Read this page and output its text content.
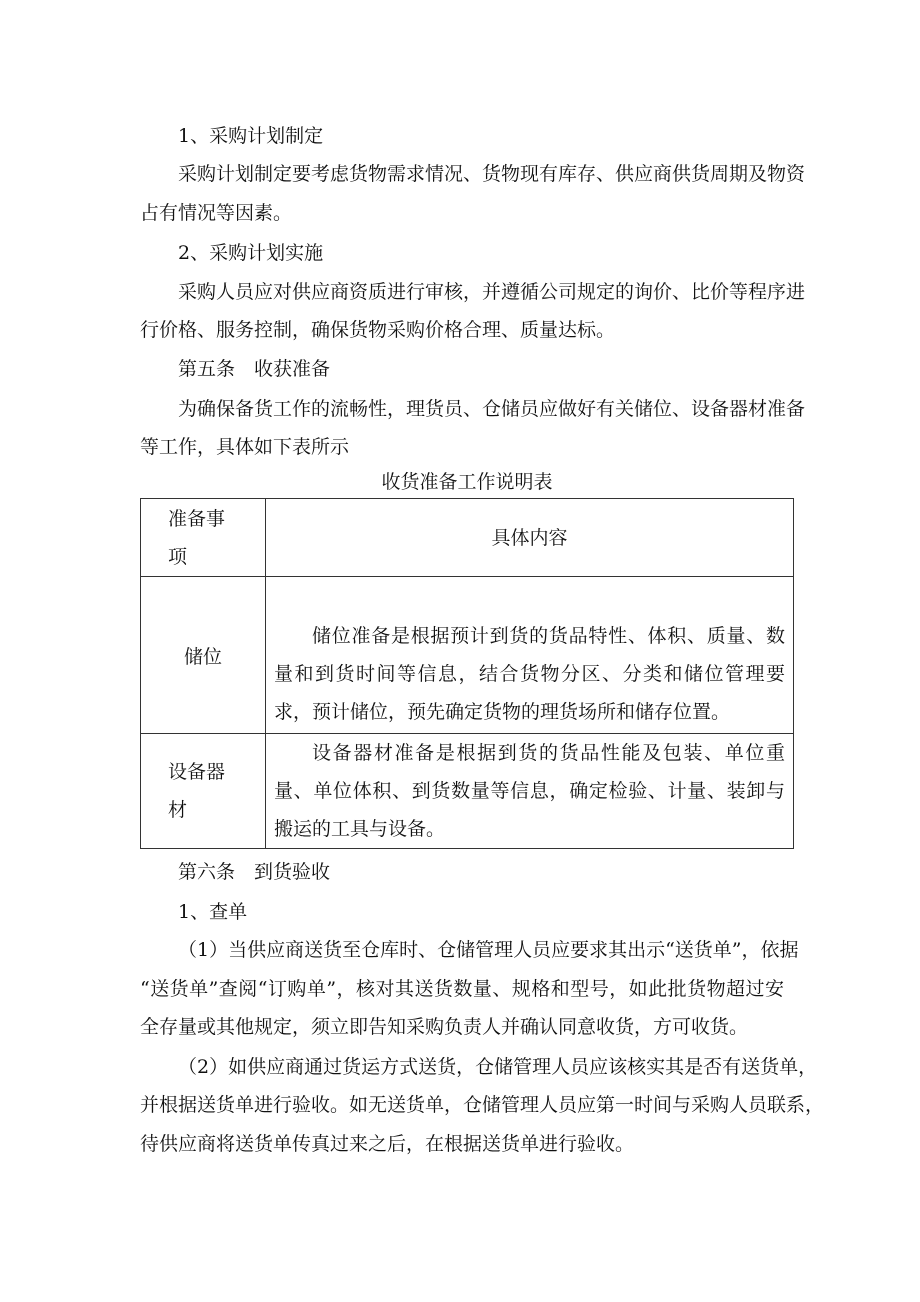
1、采购计划制定
采购计划制定要考虑货物需求情况、货物现有库存、供应商供货周期及物资
占有情况等因素。
2、采购计划实施
采购人员应对供应商资质进行审核，并遵循公司规定的询价、比价等程序进
行价格、服务控制，确保货物采购价格合理、质量达标。
第五条　收获准备
为确保备货工作的流畅性，理货员、仓储员应做好有关储位、设备器材准备
等工作，具体如下表所示
收货准备工作说明表
准备事项	具体内容
储位	储位准备是根据预计到货的货品特性、体积、质量、数量和到货时间等信息，结合货物分区、分类和储位管理要求，预计储位，预先确定货物的理货场所和储存位置。

设备器材	设备器材准备是根据到货的货品性能及包装、单位重量、单位体积、到货数量等信息，确定检验、计量、装卸与搬运的工具与设备。
第六条　到货验收
1、查单
（1）当供应商送货至仓库时、仓储管理人员应要求其出示“送货单”，依据
“送货单”查阅“订购单”，核对其送货数量、规格和型号，如此批货物超过安
全存量或其他规定，须立即告知采购负责人并确认同意收货，方可收货。
（2）如供应商通过货运方式送货，仓储管理人员应该核实其是否有送货单，
并根据送货单进行验收。如无送货单，仓储管理人员应第一时间与采购人员联系，
待供应商将送货单传真过来之后，在根据送货单进行验收。
